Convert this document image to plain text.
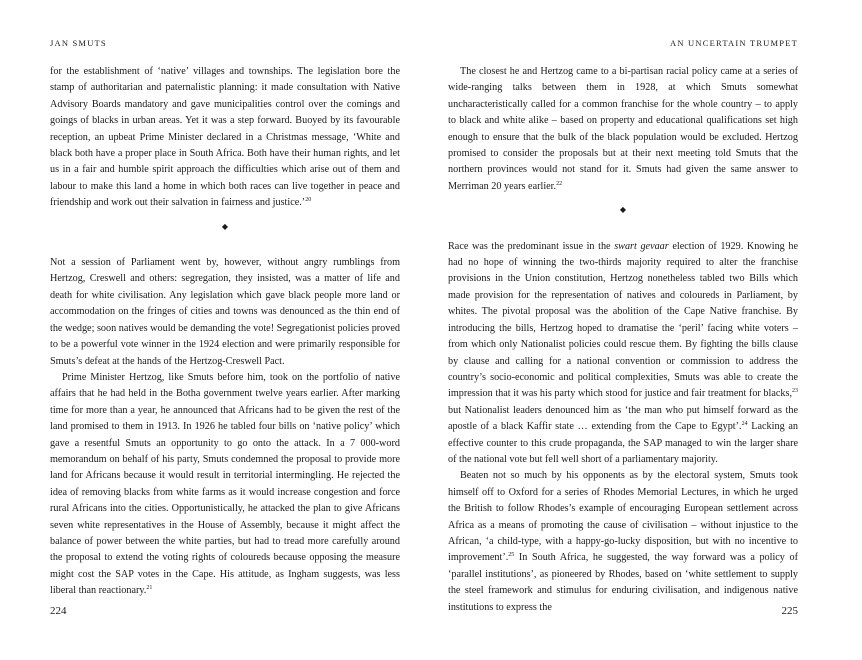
JAN SMUTS

for the establishment of ‘native’ villages and townships. The legislation bore the stamp of authoritarian and paternalistic planning: it made consultation with Native Advisory Boards mandatory and gave municipalities control over the comings and goings of blacks in urban areas. Yet it was a step forward. Buoyed by its favourable reception, an upbeat Prime Minister declared in a Christmas message, ‘White and black both have a proper place in South Africa. Both have their human rights, and let us in a fair and humble spirit approach the difficulties which arise out of them and labour to make this land a home in which both races can live together in peace and friendship and work out their salvation in fairness and justice.’$^{20}$

◆

Not a session of Parliament went by, however, without angry rumblings from Hertzog, Creswell and others: segregation, they insisted, was a matter of life and death for white civilisation. Any legislation which gave black people more land or accommodation on the fringes of cities and towns was denounced as the thin end of the wedge; soon natives would be demanding the vote! Segregationist policies proved to be a powerful vote winner in the 1924 election and were primarily responsible for Smuts’s defeat at the hands of the Hertzog-Creswell Pact.

Prime Minister Hertzog, like Smuts before him, took on the portfolio of native affairs that he had held in the Botha government twelve years earlier. After marking time for more than a year, he announced that Africans had to be given the rest of the land promised to them in 1913. In 1926 he tabled four bills on ‘native policy’ which gave a resentful Smuts an opportunity to go onto the attack. In a 7 000-word memorandum on behalf of his party, Smuts condemned the proposal to provide more land for Africans because it would result in territorial intermingling. He rejected the idea of removing blacks from white farms as it would increase congestion and force rural Africans into the cities. Opportunistically, he attacked the plan to give Africans seven white representatives in the House of Assembly, because it might affect the balance of power between the white parties, but had to tread more carefully around the proposal to extend the voting rights of coloureds because opposing the measure might cost the SAP votes in the Cape. His attitude, as Ingham suggests, was less liberal than reactionary.$^{21}$

224
AN UNCERTAIN TRUMPET

The closest he and Hertzog came to a bi-partisan racial policy came at a series of wide-ranging talks between them in 1928, at which Smuts somewhat uncharacteristically called for a common franchise for the whole country – to apply to black and white alike – based on property and educational qualifications set high enough to ensure that the bulk of the black population would be excluded. Hertzog promised to consider the proposals but at their next meeting told Smuts that the northern provinces would not stand for it. Smuts had given the same answer to Merriman 20 years earlier.$^{22}$

◆

Race was the predominant issue in the swart gevaar election of 1929. Knowing he had no hope of winning the two-thirds majority required to alter the franchise provisions in the Union constitution, Hertzog nonetheless tabled two Bills which made provision for the representation of natives and coloureds in Parliament, by whites. The pivotal proposal was the abolition of the Cape Native franchise. By introducing the bills, Hertzog hoped to dramatise the ‘peril’ facing white voters – from which only Nationalist policies could rescue them. By fighting the bills clause by clause and calling for a national convention or commission to address the country’s socio-economic and political complexities, Smuts was able to create the impression that it was his party which stood for justice and fair treatment for blacks,$^{23}$ but Nationalist leaders denounced him as ‘the man who put himself forward as the apostle of a black Kaffir state … extending from the Cape to Egypt’.$^{24}$ Lacking an effective counter to this crude propaganda, the SAP managed to win the larger share of the national vote but fell well short of a parliamentary majority.

Beaten not so much by his opponents as by the electoral system, Smuts took himself off to Oxford for a series of Rhodes Memorial Lectures, in which he urged the British to follow Rhodes’s example of encouraging European settlement across Africa as a means of promoting the cause of civilisation – without injustice to the African, ‘a child-type, with a happy-go-lucky disposition, but with no incentive to improvement’.$^{25}$ In South Africa, he suggested, the way forward was a policy of ‘parallel institutions’, as pioneered by Rhodes, based on ‘white settlement to supply the steel framework and stimulus for enduring civilisation, and indigenous native institutions to express the	225
